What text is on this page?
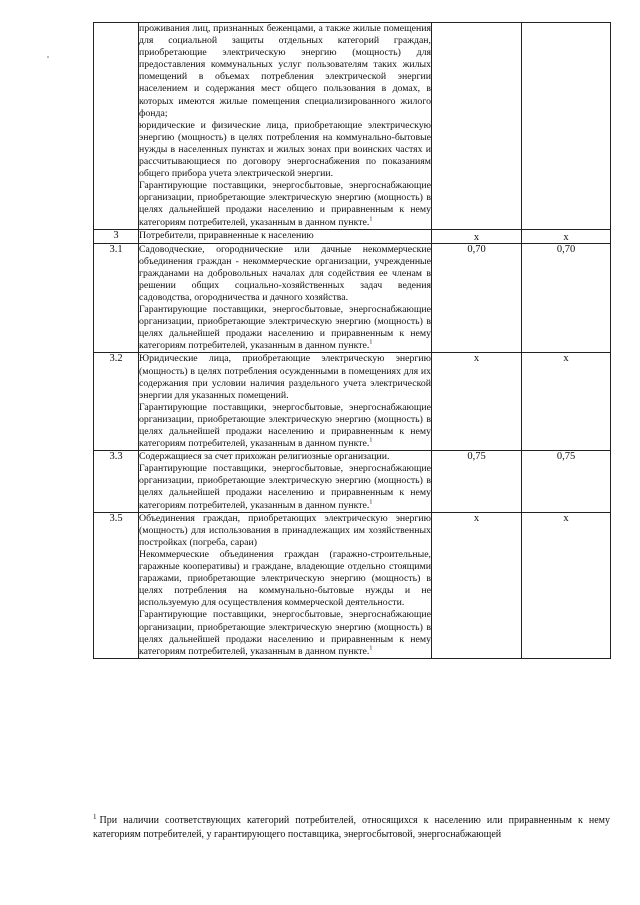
	проживания лиц, признанных беженцами, а также жилые помещения для социальной защиты отдельных категорий граждан, приобретающие электрическую энергию (мощность) для предоставления коммунальных услуг пользователям таких жилых помещений в объемах потребления электрической энергии населением и содержания мест общего пользования в домах, в которых имеются жилые помещения специализированного жилого фонда;
юридические и физические лица, приобретающие электрическую энергию (мощность) в целях потребления на коммунально-бытовые нужды в населенных пунктах и жилых зонах при воинских частях и рассчитывающиеся по договору энергоснабжения по показаниям общего прибора учета электрической энергии.
Гарантирующие поставщики, энергосбытовые, энергоснабжающие организации, приобретающие электрическую энергию (мощность) в целях дальнейшей продажи населению и приравненным к нему категориям потребителей, указанным в данном пункте.$^1$

3	Потребители, приравненные к населению	x	x
3.1	Садоводческие, огороднические или дачные некоммерческие объединения граждан - некоммерческие организации, учрежденные гражданами на добровольных началах для содействия ее членам в решении общих социально-хозяйственных задач ведения садоводства, огородничества и дачного хозяйства.
Гарантирующие поставщики, энергосбытовые, энергоснабжающие организации, приобретающие электрическую энергию (мощность) в целях дальнейшей продажи населению и приравненным к нему категориям потребителей, указанным в данном пункте.$^1$	0,70	0,70
3.2	Юридические лица, приобретающие электрическую энергию (мощность) в целях потребления осужденными в помещениях для их содержания при условии наличия раздельного учета электрической энергии для указанных помещений.
Гарантирующие поставщики, энергосбытовые, энергоснабжающие организации, приобретающие электрическую энергию (мощность) в целях дальнейшей продажи населению и приравненным к нему категориям потребителей, указанным в данном пункте.$^1$	x	x
3.3	Содержащиеся за счет прихожан религиозные организации.
Гарантирующие поставщики, энергосбытовые, энергоснабжающие организации, приобретающие электрическую энергию (мощность) в целях дальнейшей продажи населению и приравненным к нему категориям потребителей, указанным в данном пункте.$^1$	0,75	0,75
3.5	Объединения граждан, приобретающих электрическую энергию (мощность) для использования в принадлежащих им хозяйственных постройках (погреба, сараи)
Некоммерческие объединения граждан (гаражно-строительные, гаражные кооперативы) и граждане, владеющие отдельно стоящими гаражами, приобретающие электрическую энергию (мощность) в целях потребления на коммунально-бытовые нужды и не используемую для осуществления коммерческой деятельности.
Гарантирующие поставщики, энергосбытовые, энергоснабжающие организации, приобретающие электрическую энергию (мощность) в целях дальнейшей продажи населению и приравненным к нему категориям потребителей, указанным в данном пункте.$^1$	x	x
$^1$ При наличии соответствующих категорий потребителей, относящихся к населению или приравненным к нему категориям потребителей, у гарантирующего поставщика, энергосбытовой, энергоснабжающей
